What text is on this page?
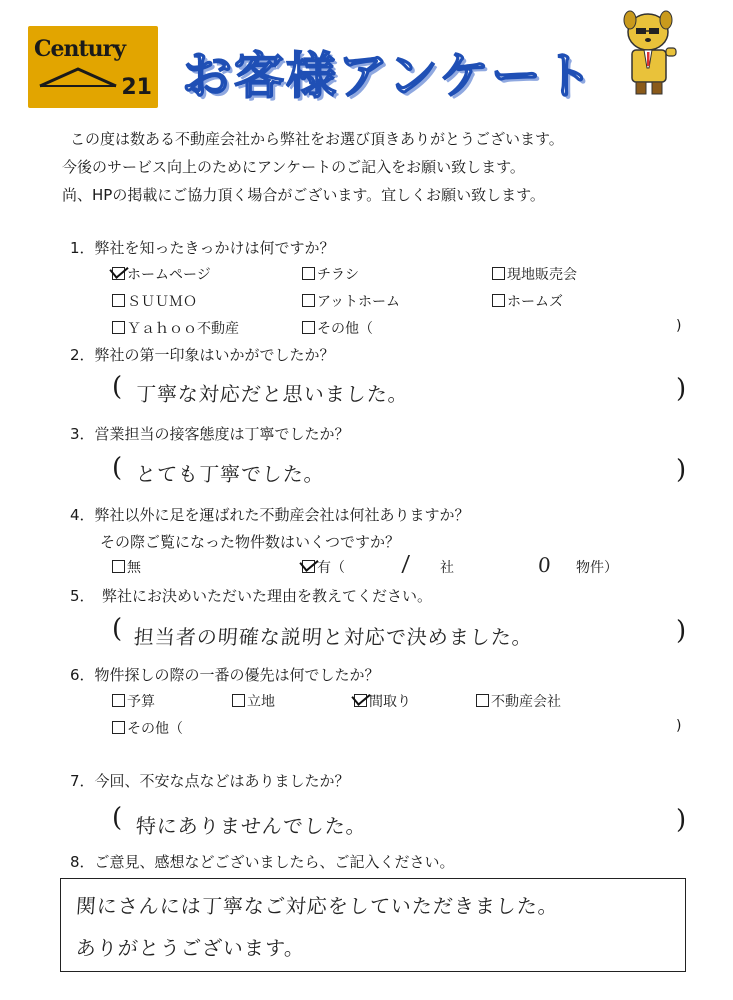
Century
21 お客様アンケート
この度は数ある不動産会社から弊社をお選び頂きありがとうございます。
今後のサービス向上のためにアンケートのご記入をお願い致します。
尚、HPの掲載にご協力頂く場合がございます。宜しくお願い致します。
1．弊社を知ったきっかけは何ですか？
ホームページ	チラシ	現地販売会
ＳＵＵＭＯ	アットホーム	ホームズ
Ｙａｈｏｏ不動産	その他（	)
2．弊社の第一印象はいかがでしたか？
( 丁寧な対応だと思いました。	)
3．営業担当の接客態度は丁寧でしたか？
( とても丁寧でした。	)
4．弊社以外に足を運ばれた不動産会社は何社ありますか？
その際ご覧になった物件数はいくつですか？
無	有（	/ 社	0 物件）
5．　弊社にお決めいただいた理由を教えてください。
( 担当者の明確な説明と対応で決めました。	)
6．物件探しの際の一番の優先は何でしたか？
予算	立地	間取り	不動産会社
その他（	)
7．今回、不安な点などはありましたか？
( 特にありませんでした。	)
8．ご意見、感想などございましたら、ご記入ください。
関にさんには丁寧なご対応をしていただきました。
ありがとうございます。
